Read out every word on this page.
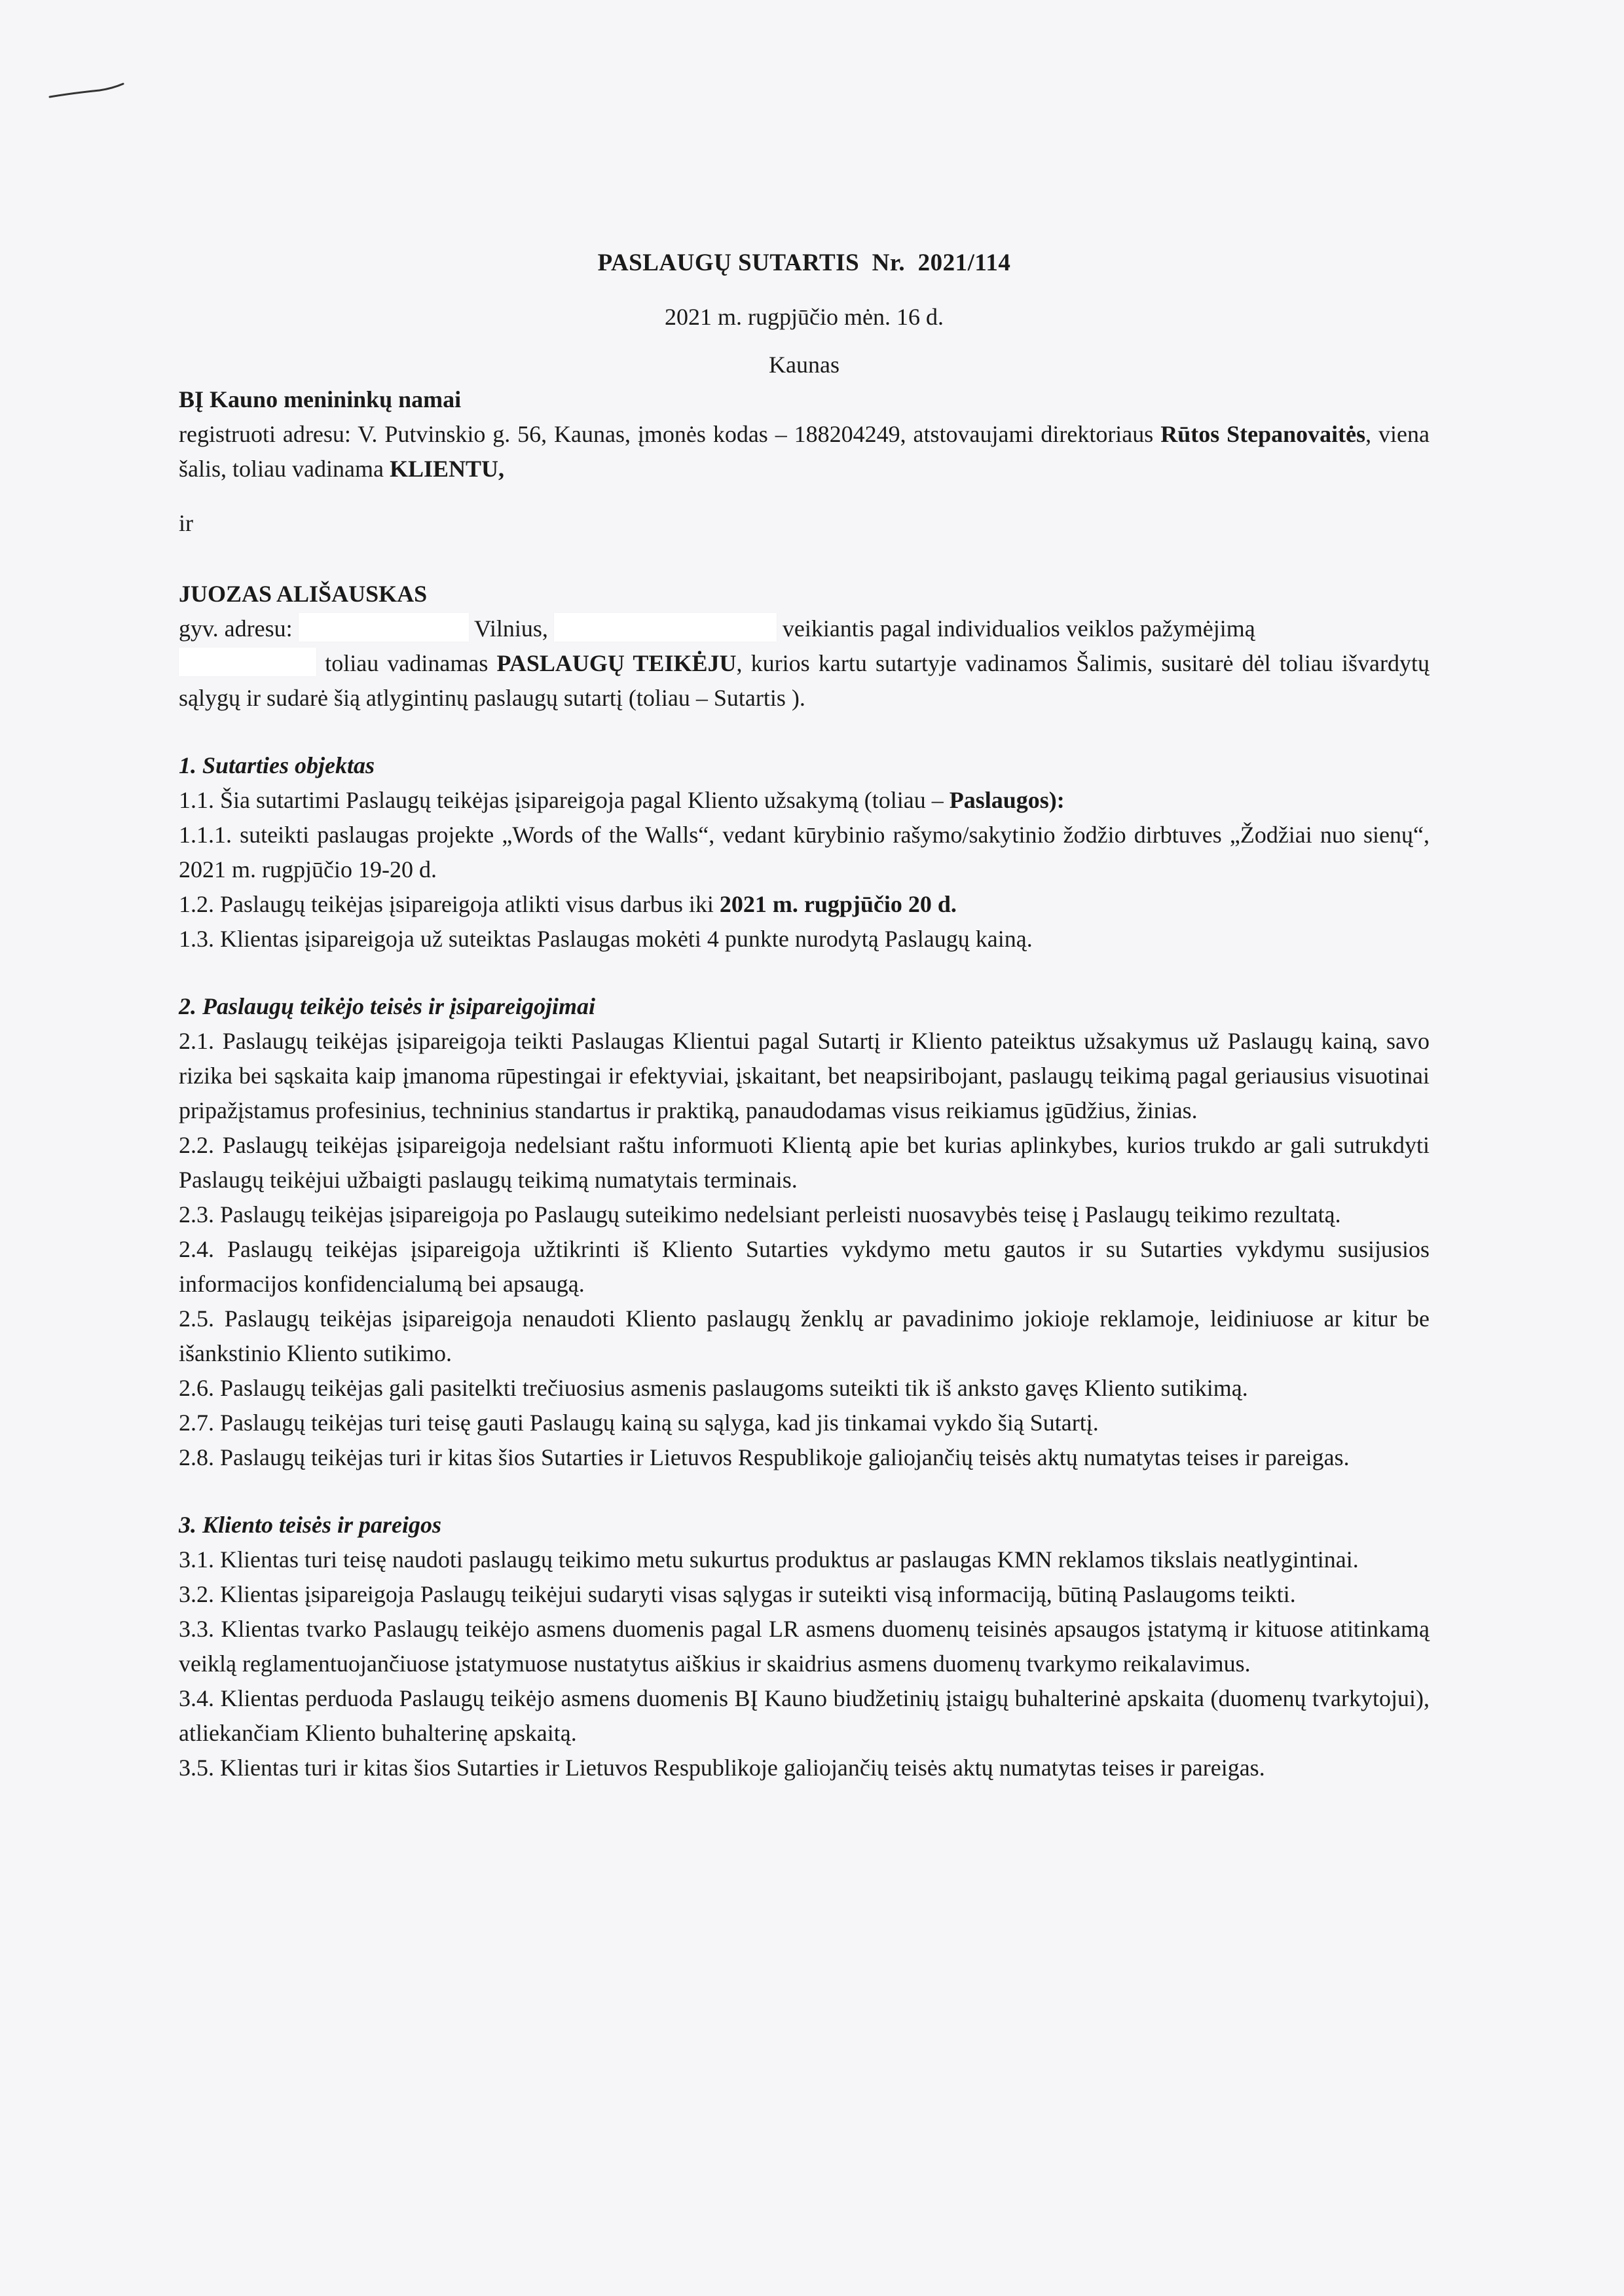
PASLAUGŲ SUTARTIS  Nr.  2021/114
2021 m. rugpjūčio mėn. 16 d.
Kaunas

BĮ Kauno menininkų namai

registruoti adresu: V. Putvinskio g. 56, Kaunas, įmonės kodas – 188204249, atstovaujami direktoriaus Rūtos Stepanovaitės, viena šalis, toliau vadinama KLIENTU,

ir

JUOZAS ALIŠAUSKAS

gyv. adresu:	Vilnius,	veikiantis pagal individualios veiklos pažymėjimą

toliau vadinamas PASLAUGŲ TEIKĖJU, kurios kartu sutartyje vadinamos Šalimis, susitarė dėl toliau išvardytų sąlygų ir sudarė šią atlygintinų paslaugų sutartį (toliau – Sutartis ).

1. Sutarties objektas

1.1. Šia sutartimi Paslaugų teikėjas įsipareigoja pagal Kliento užsakymą (toliau – Paslaugos):

1.1.1. suteikti paslaugas projekte „Words of the Walls“, vedant kūrybinio rašymo/sakytinio žodžio dirbtuves „Žodžiai nuo sienų“, 2021 m. rugpjūčio 19-20 d.

1.2. Paslaugų teikėjas įsipareigoja atlikti visus darbus iki 2021 m. rugpjūčio 20 d.

1.3. Klientas įsipareigoja už suteiktas Paslaugas mokėti 4 punkte nurodytą Paslaugų kainą.

2. Paslaugų teikėjo teisės ir įsipareigojimai

2.1. Paslaugų teikėjas įsipareigoja teikti Paslaugas Klientui pagal Sutartį ir Kliento pateiktus užsakymus už Paslaugų kainą, savo rizika bei sąskaita kaip įmanoma rūpestingai ir efektyviai, įskaitant, bet neapsiribojant, paslaugų teikimą pagal geriausius visuotinai pripažįstamus profesinius, techninius standartus ir praktiką, panaudodamas visus reikiamus įgūdžius, žinias.

2.2. Paslaugų teikėjas įsipareigoja nedelsiant raštu informuoti Klientą apie bet kurias aplinkybes, kurios trukdo ar gali sutrukdyti Paslaugų teikėjui užbaigti paslaugų teikimą numatytais terminais.

2.3. Paslaugų teikėjas įsipareigoja po Paslaugų suteikimo nedelsiant perleisti nuosavybės teisę į Paslaugų teikimo rezultatą.

2.4. Paslaugų teikėjas įsipareigoja užtikrinti iš Kliento Sutarties vykdymo metu gautos ir su Sutarties vykdymu susijusios informacijos konfidencialumą bei apsaugą.

2.5. Paslaugų teikėjas įsipareigoja nenaudoti Kliento paslaugų ženklų ar pavadinimo jokioje reklamoje, leidiniuose ar kitur be išankstinio Kliento sutikimo.

2.6. Paslaugų teikėjas gali pasitelkti trečiuosius asmenis paslaugoms suteikti tik iš anksto gavęs Kliento sutikimą.

2.7. Paslaugų teikėjas turi teisę gauti Paslaugų kainą su sąlyga, kad jis tinkamai vykdo šią Sutartį.

2.8. Paslaugų teikėjas turi ir kitas šios Sutarties ir Lietuvos Respublikoje galiojančių teisės aktų numatytas teises ir pareigas.

3. Kliento teisės ir pareigos

3.1. Klientas turi teisę naudoti paslaugų teikimo metu sukurtus produktus ar paslaugas KMN reklamos tikslais neatlygintinai.

3.2. Klientas įsipareigoja Paslaugų teikėjui sudaryti visas sąlygas ir suteikti visą informaciją, būtiną Paslaugoms teikti.

3.3. Klientas tvarko Paslaugų teikėjo asmens duomenis pagal LR asmens duomenų teisinės apsaugos įstatymą ir kituose atitinkamą veiklą reglamentuojančiuose įstatymuose nustatytus aiškius ir skaidrius asmens duomenų tvarkymo reikalavimus.

3.4. Klientas perduoda Paslaugų teikėjo asmens duomenis BĮ Kauno biudžetinių įstaigų buhalterinė apskaita (duomenų tvarkytojui), atliekančiam Kliento buhalterinę apskaitą.

3.5. Klientas turi ir kitas šios Sutarties ir Lietuvos Respublikoje galiojančių teisės aktų numatytas teises ir pareigas.
